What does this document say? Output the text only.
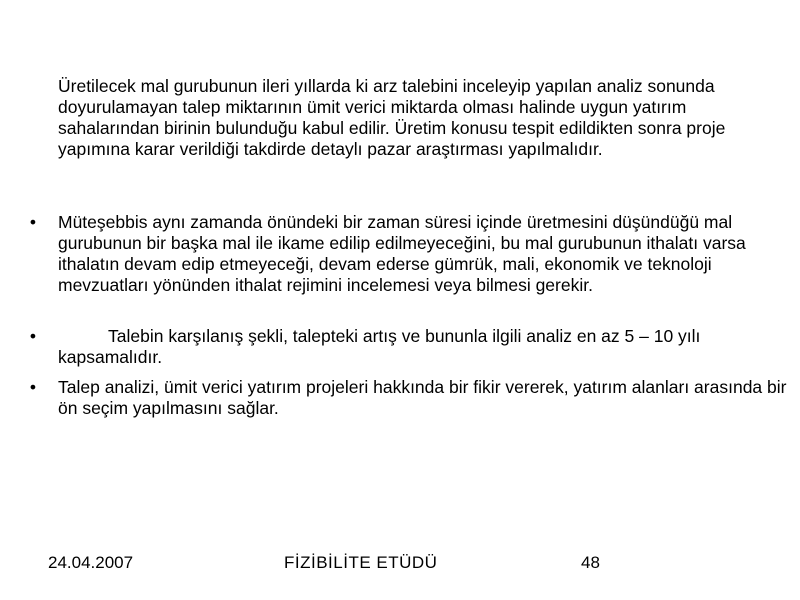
Üretilecek mal gurubunun ileri yıllarda ki arz talebini inceleyip yapılan analiz sonunda doyurulamayan talep miktarının ümit verici miktarda olması halinde uygun yatırım sahalarından birinin bulunduğu kabul edilir. Üretim konusu tespit edildikten sonra proje yapımına karar verildiği takdirde detaylı pazar araştırması yapılmalıdır.

• Müteşebbis aynı zamanda önündeki bir zaman süresi içinde üretmesini düşündüğü mal gurubunun bir başka mal ile ikame edilip edilmeyeceğini, bu mal gurubunun ithalatı varsa ithalatın devam edip etmeyeceği, devam ederse gümrük, mali, ekonomik ve teknoloji mevzuatları yönünden ithalat rejimini incelemesi veya bilmesi gerekir.
•	Talebin karşılanış şekli, talepteki artış ve bununla ilgili analiz en az 5 – 10 yılı kapsamalıdır.
• Talep analizi, ümit verici yatırım projeleri hakkında bir fikir vererek, yatırım alanları arasında bir ön seçim yapılmasını sağlar.
24.04.2007	FİZİBİLİTE ETÜDÜ	48
